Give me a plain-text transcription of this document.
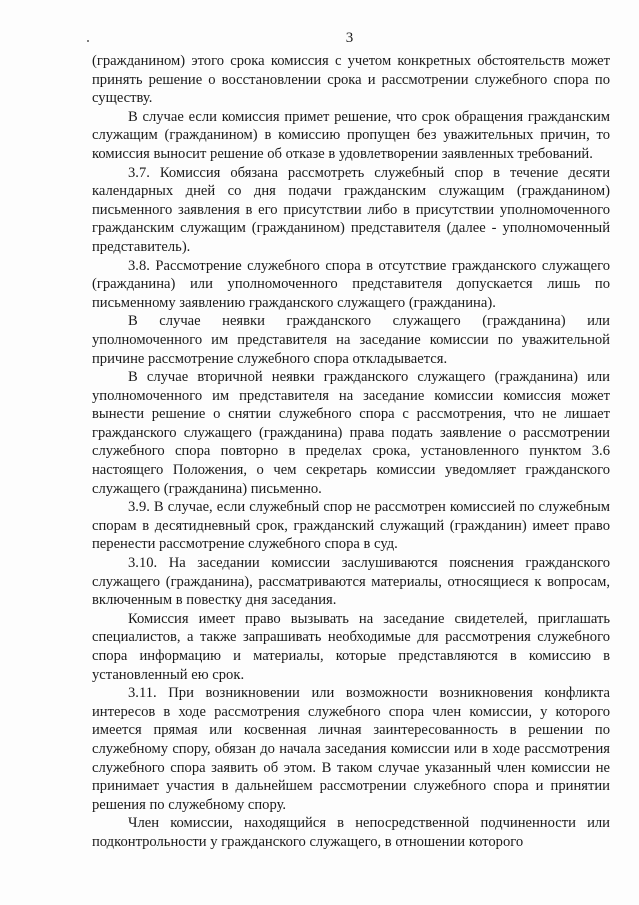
3

(гражданином) этого срока комиссия с учетом конкретных обстоятельств может принять решение о восстановлении срока и рассмотрении служебного спора по существу.

В случае если комиссия примет решение, что срок обращения гражданским служащим (гражданином) в комиссию пропущен без уважительных причин, то комиссия выносит решение об отказе в удовлетворении заявленных требований.

3.7. Комиссия обязана рассмотреть служебный спор в течение десяти календарных дней со дня подачи гражданским служащим (гражданином) письменного заявления в его присутствии либо в присутствии уполномоченного гражданским служащим (гражданином) представителя (далее - уполномоченный представитель).

3.8. Рассмотрение служебного спора в отсутствие гражданского служащего (гражданина) или уполномоченного представителя допускается лишь по письменному заявлению гражданского служащего (гражданина).

В случае неявки гражданского служащего (гражданина) или уполномоченного им представителя на заседание комиссии по уважительной причине рассмотрение служебного спора откладывается.

В случае вторичной неявки гражданского служащего (гражданина) или уполномоченного им представителя на заседание комиссии комиссия может вынести решение о снятии служебного спора с рассмотрения, что не лишает гражданского служащего (гражданина) права подать заявление о рассмотрении служебного спора повторно в пределах срока, установленного пунктом 3.6 настоящего Положения, о чем секретарь комиссии уведомляет гражданского служащего (гражданина) письменно.

3.9. В случае, если служебный спор не рассмотрен комиссией по служебным спорам в десятидневный срок, гражданский служащий (гражданин) имеет право перенести рассмотрение служебного спора в суд.

3.10. На заседании комиссии заслушиваются пояснения гражданского служащего (гражданина), рассматриваются материалы, относящиеся к вопросам, включенным в повестку дня заседания.

Комиссия имеет право вызывать на заседание свидетелей, приглашать специалистов, а также запрашивать необходимые для рассмотрения служебного спора информацию и материалы, которые представляются в комиссию в установленный ею срок.

3.11. При возникновении или возможности возникновения конфликта интересов в ходе рассмотрения служебного спора член комиссии, у которого имеется прямая или косвенная личная заинтересованность в решении по служебному спору, обязан до начала заседания комиссии или в ходе рассмотрения служебного спора заявить об этом. В таком случае указанный член комиссии не принимает участия в дальнейшем рассмотрении служебного спора и принятии решения по служебному спору.

Член комиссии, находящийся в непосредственной подчиненности или подконтрольности у гражданского служащего, в отношении которого
